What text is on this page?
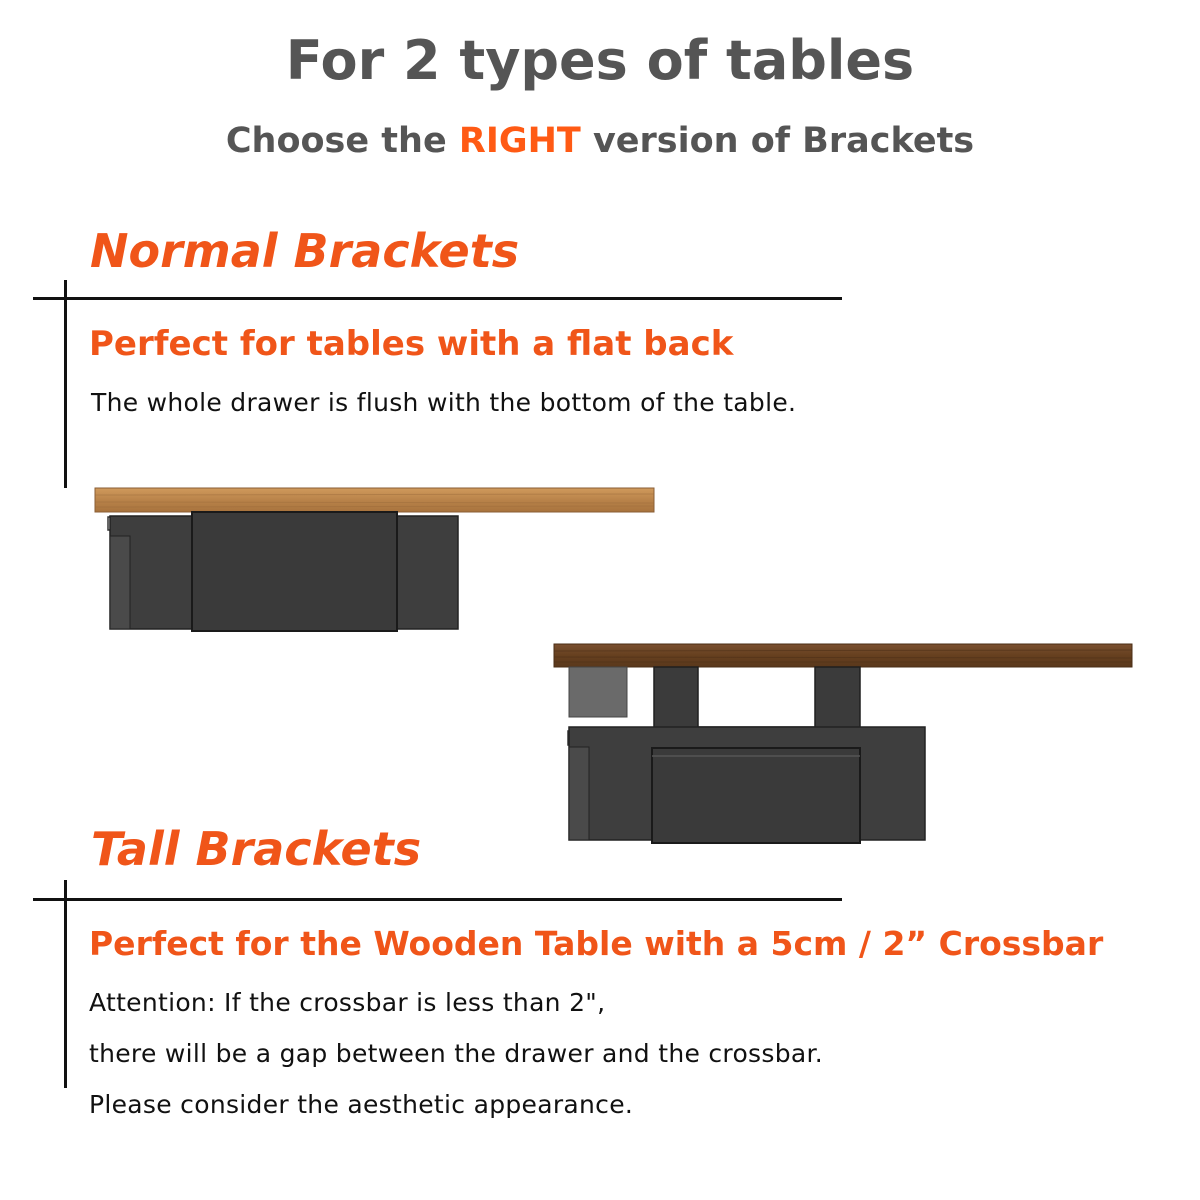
For 2 types of tables
Choose the RIGHT version of Brackets
Normal Brackets
Perfect for tables with a flat back
The whole drawer is flush with the bottom of the table.
Tall Brackets
Perfect for the Wooden Table with a 5cm / 2” Crossbar
Attention: If the crossbar is less than 2",
there will be a gap between the drawer and the crossbar.
Please consider the aesthetic appearance.
